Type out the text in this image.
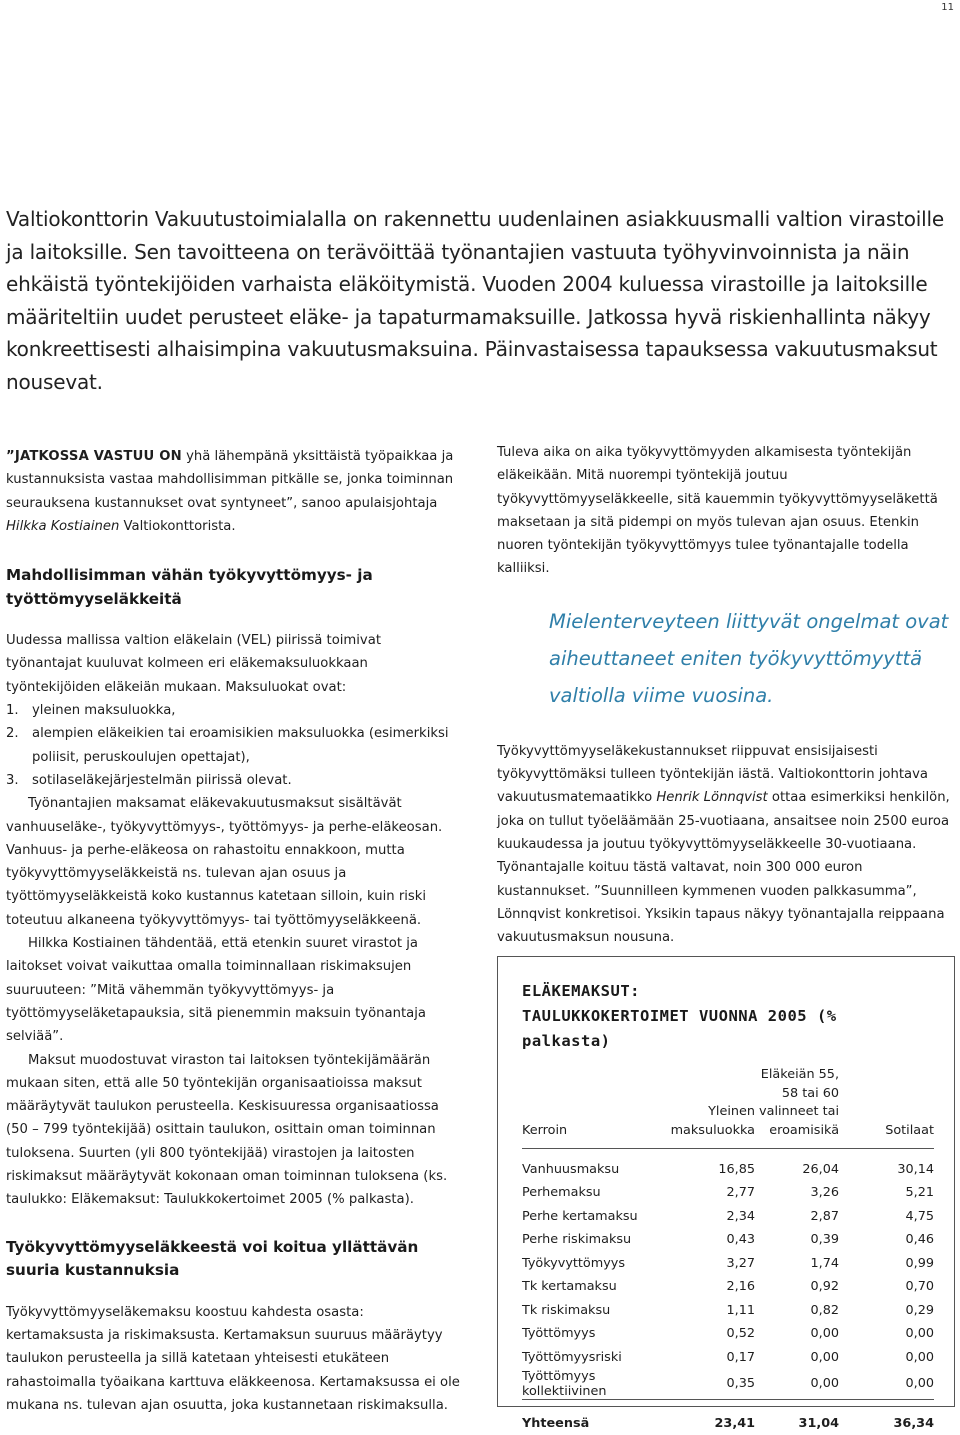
11

Valtiokonttorin Vakuutustoimialalla on rakennettu uudenlainen asiakkuusmalli valtion virastoille ja laitoksille. Sen tavoitteena on terävöittää työnantajien vastuuta työhyvinvoinnista ja näin ehkäistä työntekijöiden varhaista eläköitymistä. Vuoden 2004 kuluessa virastoille ja laitoksille määriteltiin uudet perusteet eläke- ja tapaturmamaksuille. Jatkossa hyvä riskienhallinta näkyy konkreettisesti alhaisimpina vakuutusmaksuina. Päinvastaisessa tapauksessa vakuutusmaksut nousevat.

”JATKOSSA VASTUU ON yhä lähempänä yksittäistä työpaikkaa ja kustannuksista vastaa mahdollisimman pitkälle se, jonka toiminnan seurauksena kustannukset ovat syntyneet”, sanoo apulaisjohtaja Hilkka Kostiainen Valtiokonttorista.

Mahdollisimman vähän työkyvyttömyys- ja työttömyyseläkkeitä

Uudessa mallissa valtion eläkelain (VEL) piirissä toimivat työnantajat kuuluvat kolmeen eri eläkemaksuluokkaan työntekijöiden eläkeiän mukaan. Maksuluokat ovat:

1.	yleinen maksuluokka,
2.	alempien eläkeikien tai eroamisikien maksuluokka (esimerkiksi poliisit, peruskoulujen opettajat),
3.	sotilaseläkejärjestelmän piirissä olevat.

Työnantajien maksamat eläkevakuutusmaksut sisältävät vanhuuseläke-, työkyvyttömyys-, työttömyys- ja perhe-eläkeosan. Vanhuus- ja perhe-eläkeosa on rahastoitu ennakkoon, mutta työkyvyttömyyseläkkeistä ns. tulevan ajan osuus ja työttömyyseläkkeistä koko kustannus katetaan silloin, kuin riski toteutuu alkaneena työkyvyttömyys- tai työttömyyseläkkeenä.

Hilkka Kostiainen tähdentää, että etenkin suuret virastot ja laitokset voivat vaikuttaa omalla toiminnallaan riskimaksujen suuruuteen: ”Mitä vähemmän työkyvyttömyys- ja työttömyyseläketapauksia, sitä pienemmin maksuin työnantaja selviää”.

Maksut muodostuvat viraston tai laitoksen työntekijämäärän mukaan siten, että alle 50 työntekijän organisaatioissa maksut määräytyvät taulukon perusteella. Keskisuuressa organisaatiossa (50 – 799 työntekijää) osittain taulukon, osittain oman toiminnan tuloksena. Suurten (yli 800 työntekijää) virastojen ja laitosten riskimaksut määräytyvät kokonaan oman toiminnan tuloksena (ks. taulukko: Eläkemaksut: Taulukkokertoimet 2005 (% palkasta).

Työkyvyttömyyseläkkeestä voi koitua yllättävän suuria kustannuksia

Työkyvyttömyyseläkemaksu koostuu kahdesta osasta: kertamaksusta ja riskimaksusta. Kertamaksun suuruus määräytyy taulukon perusteella ja sillä katetaan yhteisesti etukäteen rahastoimalla työaikana karttuva eläkkeenosa. Kertamaksussa ei ole mukana ns. tulevan ajan osuutta, joka kustannetaan riskimaksulla.

Tuleva aika on aika työkyvyttömyyden alkamisesta työntekijän eläkeikään. Mitä nuorempi työntekijä joutuu työkyvyttömyyseläkkeelle, sitä kauemmin työkyvyttömyyseläkettä maksetaan ja sitä pidempi on myös tulevan ajan osuus. Etenkin nuoren työntekijän työkyvyttömyys tulee työnantajalle todella kalliiksi.

Mielenterveyteen liittyvät ongelmat ovat aiheuttaneet eniten työkyvyttömyyttä valtiolla viime vuosina.

Työkyvyttömyyseläkekustannukset riippuvat ensisijaisesti työkyvyttömäksi tulleen työntekijän iästä. Valtiokonttorin johtava vakuutusmatemaatikko Henrik Lönnqvist ottaa esimerkiksi henkilön, joka on tullut työeläämään 25-vuotiaana, ansaitsee noin 2500 euroa kuukaudessa ja joutuu työkyvyttömyyseläkkeelle 30-vuotiaana. Työnantajalle koituu tästä valtavat, noin 300 000 euron kustannukset. ”Suunnilleen kymmenen vuoden palkkasumma”, Lönnqvist konkretisoi. Yksikin tapaus näkyy työnantajalla reippaana vakuutusmaksun nousuna.

ELÄKEMAKSUT:
TAULUKKOKERTOIMET VUONNA 2005 (% palkasta)
Kerroin	Yleinen maksuluokka	Eläkeiän 55, 58 tai 60 valinneet tai eroamisikä	Sotilaat
Vanhuusmaksu	16,85	26,04	30,14
Perhemaksu	2,77	3,26	5,21
Perhe kertamaksu	2,34	2,87	4,75
Perhe riskimaksu	0,43	0,39	0,46
Työkyvyttömyys	3,27	1,74	0,99
Tk kertamaksu	2,16	0,92	0,70
Tk riskimaksu	1,11	0,82	0,29
Työttömyys	0,52	0,00	0,00
Työttömyysriski	0,17	0,00	0,00
Työttömyys kollektiivinen	0,35	0,00	0,00
Yhteensä	23,41	31,04	36,34
